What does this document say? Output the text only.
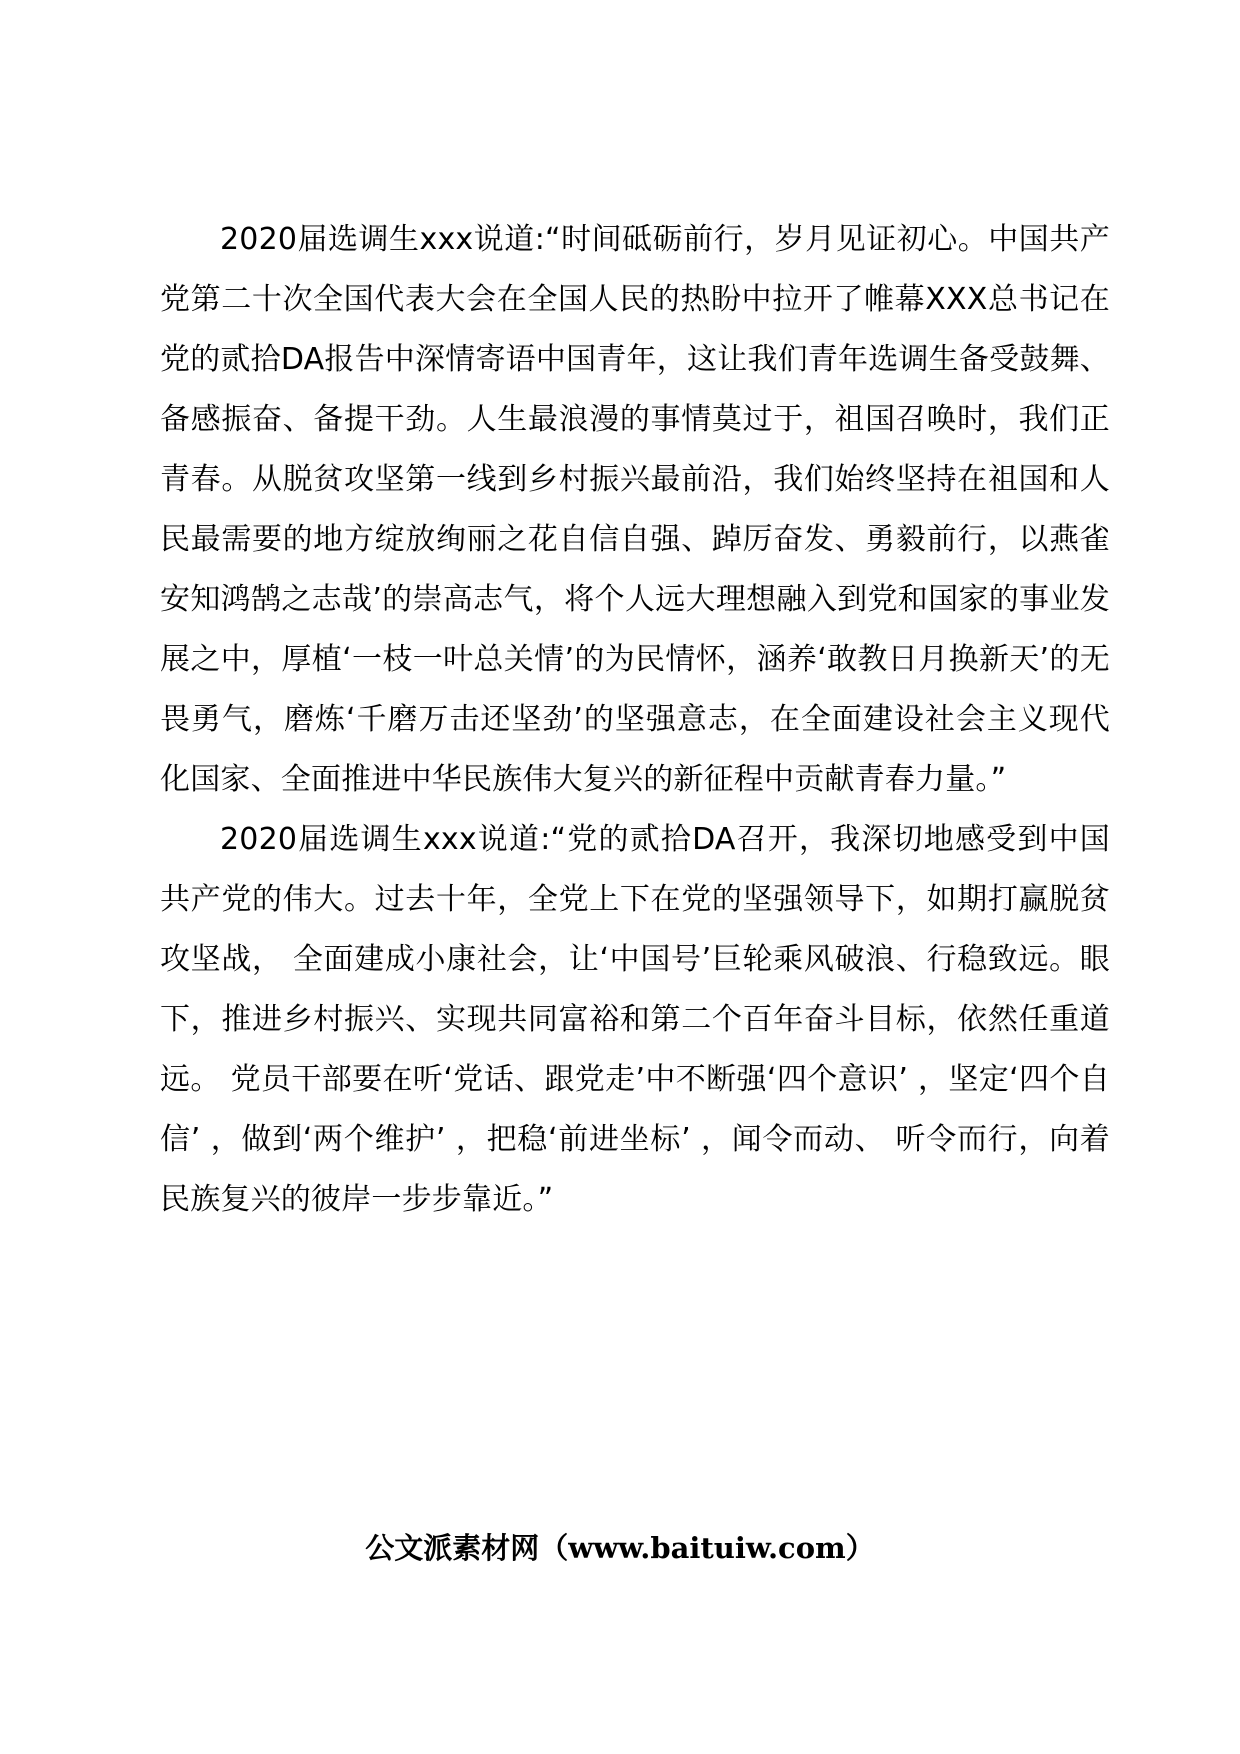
2020届选调生xxx说道:“时间砥砺前行，岁月见证初心。中国共产党第二十次全国代表大会在全国人民的热盼中拉开了帷幕XXX总书记在党的贰拾DA报告中深情寄语中国青年，这让我们青年选调生备受鼓舞、备感振奋、备提干劲。人生最浪漫的事情莫过于，祖国召唤时，我们正青春。从脱贫攻坚第一线到乡村振兴最前沿，我们始终坚持在祖国和人民最需要的地方绽放绚丽之花自信自强、踔厉奋发、勇毅前行，以燕雀安知鸿鹄之志哉’的崇高志气，将个人远大理想融入到党和国家的事业发展之中，厚植‘一枝一叶总关情’的为民情怀，涵养‘敢教日月换新天’的无畏勇气，磨炼‘千磨万击还坚劲’的坚强意志，在全面建设社会主义现代化国家、全面推进中华民族伟大复兴的新征程中贡献青春力量。”

2020届选调生xxx说道:“党的贰拾DA召开，我深切地感受到中国共产党的伟大。过去十年，全党上下在党的坚强领导下，如期打赢脱贫攻坚战， 全面建成小康社会，让‘中国号’巨轮乘风破浪、行稳致远。眼下，推进乡村振兴、实现共同富裕和第二个百年奋斗目标，依然任重道远。 党员干部要在听‘党话、跟党走’中不断强‘四个意识’ ，坚定‘四个自信’ ，做到‘两个维护’ ，把稳‘前进坐标’ ，闻令而动、 听令而行，向着民族复兴的彼岸一步步靠近。”

公文派素材网（www.baituiw.com）
